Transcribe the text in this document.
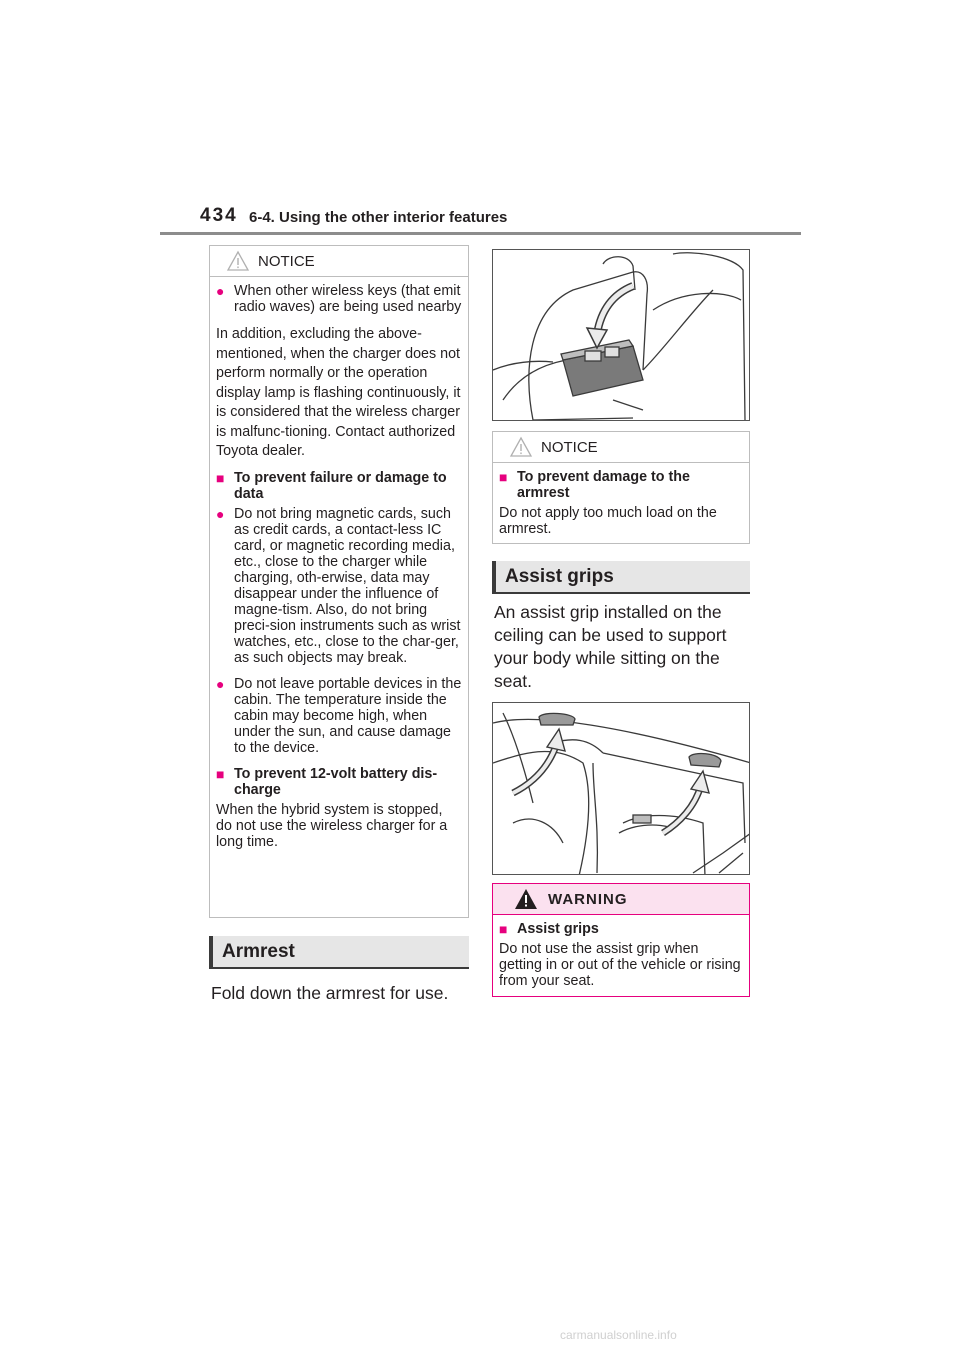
434 6-4. Using the other interior features
NOTICE
● When other wireless keys (that emit radio waves) are being used nearby
In addition, excluding the above-mentioned, when the charger does not perform normally or the operation display lamp is flashing continuously, it is considered that the wireless charger is malfunc-tioning. Contact authorized Toyota dealer.
■ To prevent failure or damage to data
● Do not bring magnetic cards, such as credit cards, a contact-less IC card, or magnetic recording media, etc., close to the charger while charging, oth-erwise, data may disappear under the influence of magne-tism. Also, do not bring preci-sion instruments such as wrist watches, etc., close to the char-ger, as such objects may break.
● Do not leave portable devices in the cabin. The temperature inside the cabin may become high, when under the sun, and cause damage to the device.
■ To prevent 12-volt battery dis-charge
When the hybrid system is stopped, do not use the wireless charger for a long time.
Armrest
Fold down the armrest for use.
NOTICE
■ To prevent damage to the armrest
Do not apply too much load on the armrest.
Assist grips
An assist grip installed on the ceiling can be used to support your body while sitting on the seat.
WARNING
■ Assist grips
Do not use the assist grip when getting in or out of the vehicle or rising from your seat.
carmanualsonline.info
